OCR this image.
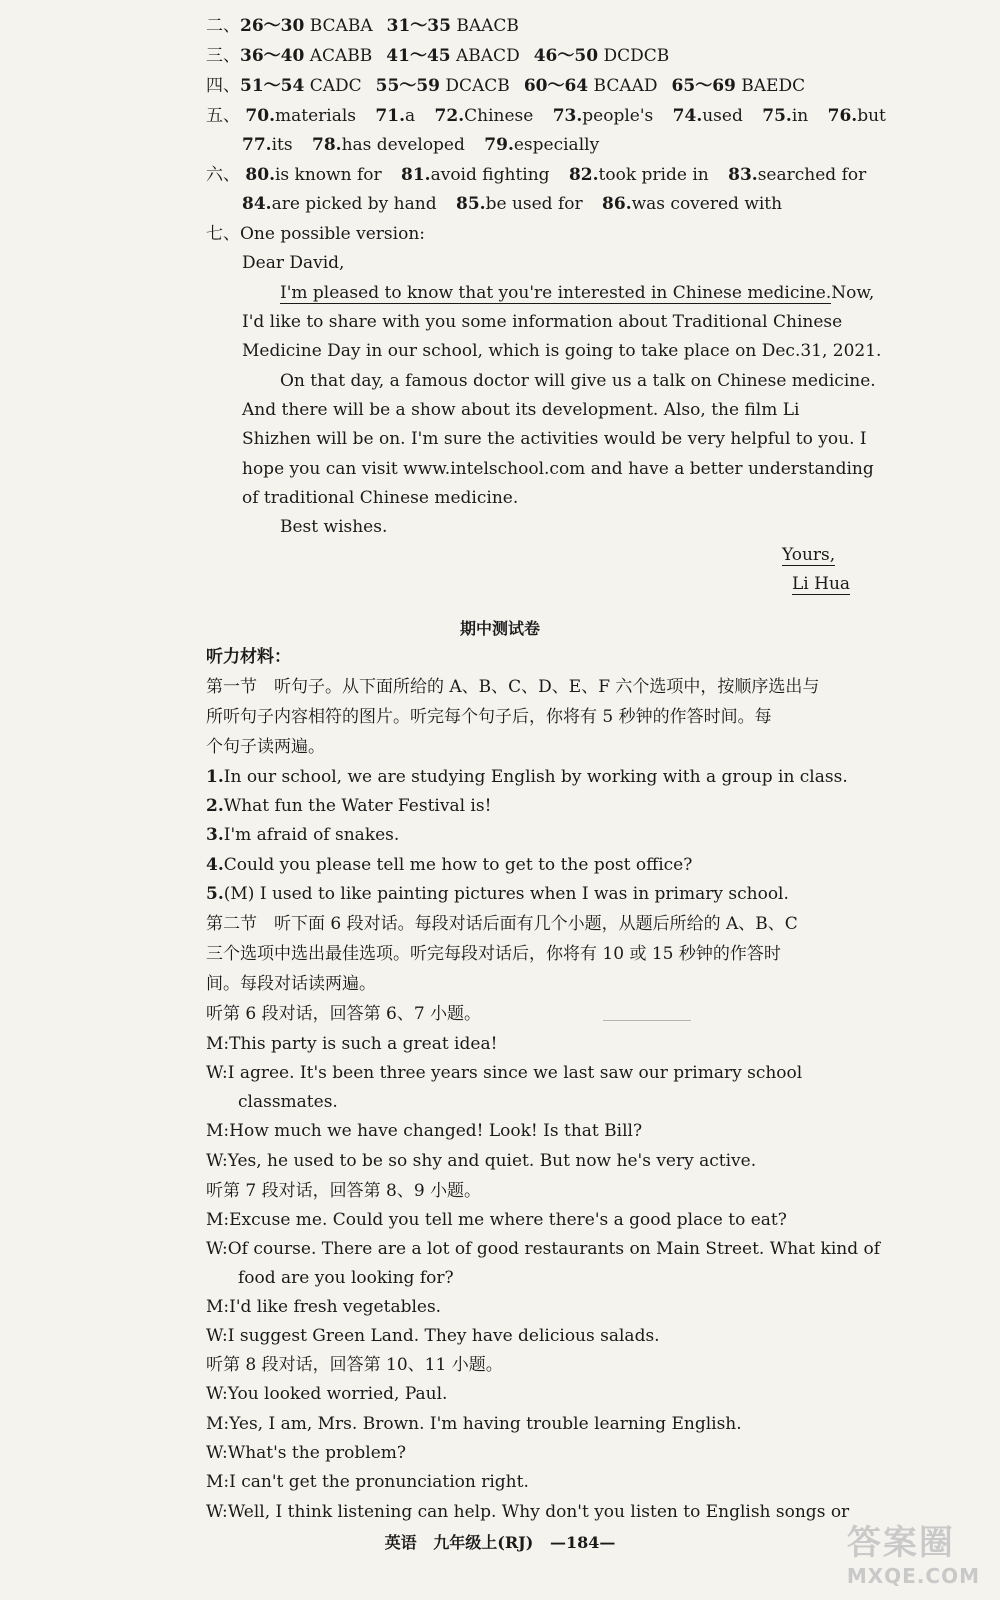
二、26～30 BCABA 31～35 BAACB
三、36～40 ACABB 41～45 ABACD 46～50 DCDCB
四、51～54 CADC 55～59 DCACB 60～64 BCAAD 65～69 BAEDC
五、 70.materials 71.a 72.Chinese 73.people's 74.used 75.in 76.but
77.its 78.has developed 79.especially
六、 80.is known for 81.avoid fighting 82.took pride in 83.searched for
84.are picked by hand 85.be used for 86.was covered with
七、One possible version:
Dear David,
I'm pleased to know that you're interested in Chinese medicine.Now,
I'd like to share with you some information about Traditional Chinese
Medicine Day in our school, which is going to take place on Dec.31, 2021.
On that day, a famous doctor will give us a talk on Chinese medicine.
And there will be a show about its development. Also, the film Li
Shizhen will be on. I'm sure the activities would be very helpful to you. I
hope you can visit www.intelschool.com and have a better understanding
of traditional Chinese medicine.
Best wishes.
Yours,
Li Hua
期中测试卷
听力材料：
第一节　听句子。从下面所给的 A、B、C、D、E、F 六个选项中，按顺序选出与
所听句子内容相符的图片。听完每个句子后，你将有 5 秒钟的作答时间。每
个句子读两遍。
1.In our school, we are studying English by working with a group in class.
2.What fun the Water Festival is!
3.I'm afraid of snakes.
4.Could you please tell me how to get to the post office?
5.(M) I used to like painting pictures when I was in primary school.
第二节　听下面 6 段对话。每段对话后面有几个小题，从题后所给的 A、B、C
三个选项中选出最佳选项。听完每段对话后，你将有 10 或 15 秒钟的作答时
间。每段对话读两遍。
听第 6 段对话，回答第 6、7 小题。
M:This party is such a great idea!
W:I agree. It's been three years since we last saw our primary school
classmates.
M:How much we have changed! Look! Is that Bill?
W:Yes, he used to be so shy and quiet. But now he's very active.
听第 7 段对话，回答第 8、9 小题。
M:Excuse me. Could you tell me where there's a good place to eat?
W:Of course. There are a lot of good restaurants on Main Street. What kind of
food are you looking for?
M:I'd like fresh vegetables.
W:I suggest Green Land. They have delicious salads.
听第 8 段对话，回答第 10、11 小题。
W:You looked worried, Paul.
M:Yes, I am, Mrs. Brown. I'm having trouble learning English.
W:What's the problem?
M:I can't get the pronunciation right.
W:Well, I think listening can help. Why don't you listen to English songs or
英语 九年级上(RJ) —184—	答案圈
MXQE.COM
